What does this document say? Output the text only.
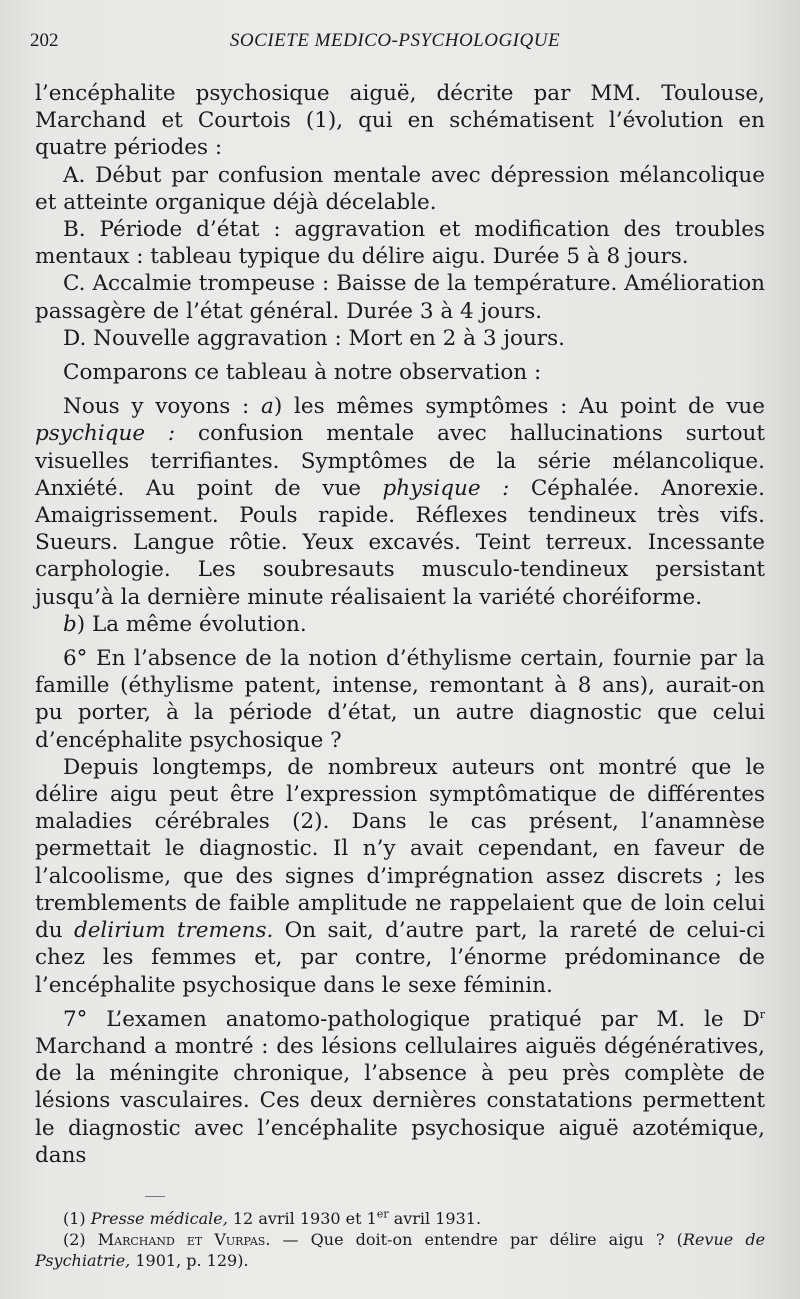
202	SOCIETE MEDICO-PSYCHOLOGIQUE

l’encéphalite psychosique aiguë, décrite par MM. Toulouse, Marchand et Courtois (1), qui en schématisent l’évolution en quatre périodes :

A. Début par confusion mentale avec dépression mélancolique et atteinte organique déjà décelable.

B. Période d’état : aggravation et modification des troubles mentaux : tableau typique du délire aigu. Durée 5 à 8 jours.

C. Accalmie trompeuse : Baisse de la température. Amélioration passagère de l’état général. Durée 3 à 4 jours.

D. Nouvelle aggravation : Mort en 2 à 3 jours.

Comparons ce tableau à notre observation :

Nous y voyons : a) les mêmes symptômes : Au point de vue psychique : confusion mentale avec hallucinations surtout visuelles terrifiantes. Symptômes de la série mélancolique. Anxiété. Au point de vue physique : Céphalée. Anorexie. Amaigrissement. Pouls rapide. Réflexes tendineux très vifs. Sueurs. Langue rôtie. Yeux excavés. Teint terreux. Incessante carphologie. Les soubresauts musculo-tendineux persistant jusqu’à la dernière minute réalisaient la variété choréiforme.

b) La même évolution.

6° En l’absence de la notion d’éthylisme certain, fournie par la famille (éthylisme patent, intense, remontant à 8 ans), aurait-on pu porter, à la période d’état, un autre diagnostic que celui d’encéphalite psychosique ?

Depuis longtemps, de nombreux auteurs ont montré que le délire aigu peut être l’expression symptômatique de différentes maladies cérébrales (2). Dans le cas présent, l’anamnèse permettait le diagnostic. Il n’y avait cependant, en faveur de l’alcoolisme, que des signes d’imprégnation assez discrets ; les tremblements de faible amplitude ne rappelaient que de loin celui du delirium tremens. On sait, d’autre part, la rareté de celui-ci chez les femmes et, par contre, l’énorme prédominance de l’encéphalite psychosique dans le sexe féminin.

7° L’examen anatomo-pathologique pratiqué par M. le $D^r$ Marchand a montré : des lésions cellulaires aiguës dégénératives, de la méningite chronique, l’absence à peu près complète de lésions vasculaires. Ces deux dernières constatations permettent le diagnostic avec l’encéphalite psychosique aiguë azotémique, dans

(1) Presse médicale, 12 avril 1930 et 1er avril 1931.

(2) Marchand et Vurpas. — Que doit-on entendre par délire aigu ? (Revue de Psychiatrie, 1901, p. 129).
